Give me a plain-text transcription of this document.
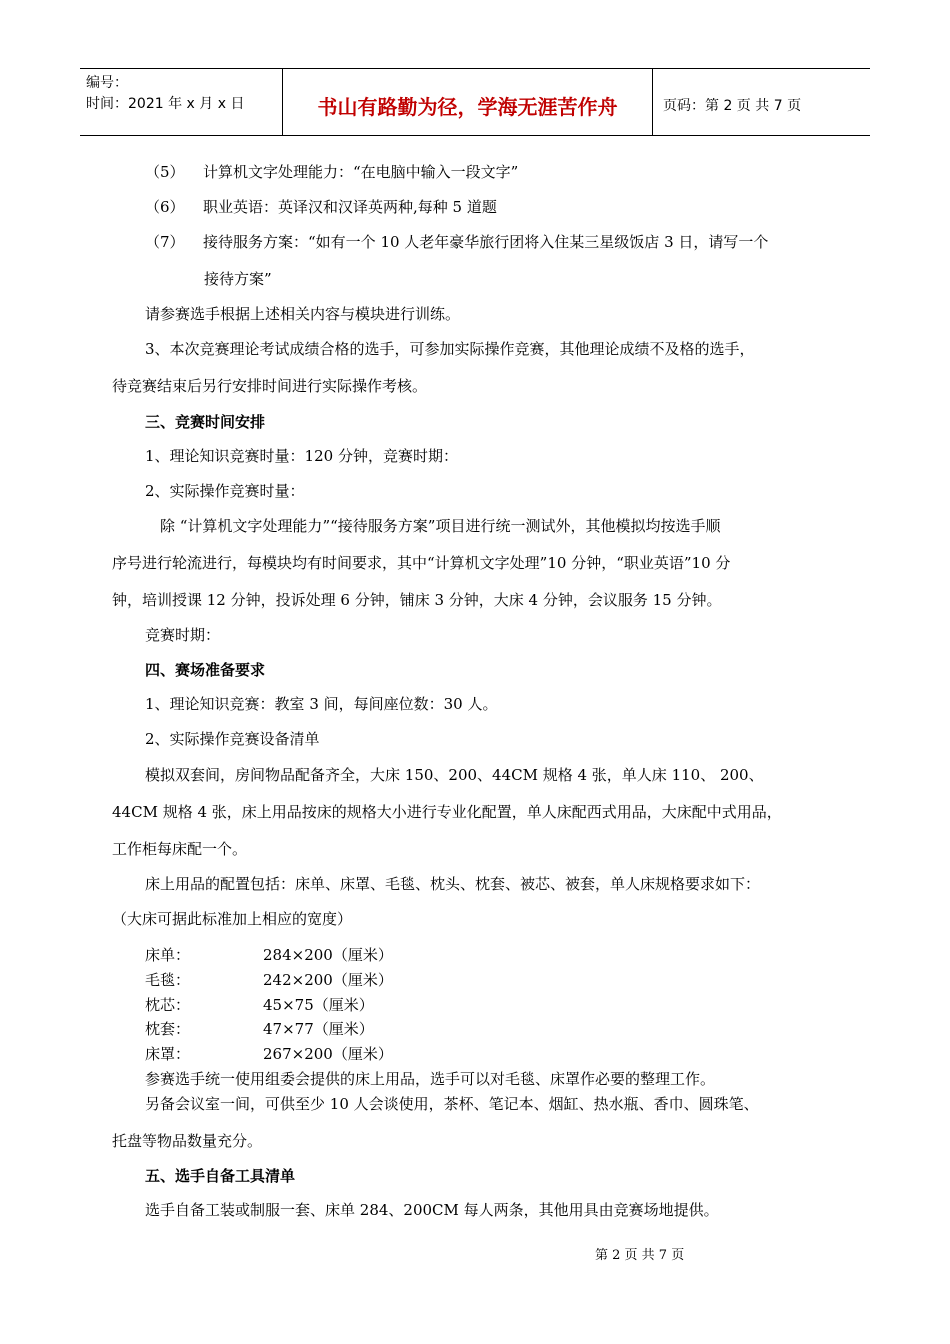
编号：
时间：2021 年 x 月 x 日	书山有路勤为径，学海无涯苦作舟	页码：第 2 页 共 7 页
（5） 计算机文字处理能力：“在电脑中输入一段文字”
（6） 职业英语：英译汉和汉译英两种,每种 5 道题
（7） 接待服务方案：“如有一个 10 人老年豪华旅行团将入住某三星级饭店 3 日，请写一个
接待方案”
请参赛选手根据上述相关内容与模块进行训练。
3、本次竞赛理论考试成绩合格的选手，可参加实际操作竞赛，其他理论成绩不及格的选手，
待竞赛结束后另行安排时间进行实际操作考核。
三、竞赛时间安排
1、理论知识竞赛时量：120 分钟，竞赛时期：
2、实际操作竞赛时量：
除 “计算机文字处理能力”“接待服务方案”项目进行统一测试外，其他模拟均按选手顺
序号进行轮流进行，每模块均有时间要求，其中“计算机文字处理”10 分钟，“职业英语”10 分
钟，培训授课 12 分钟，投诉处理 6 分钟，铺床 3 分钟，大床 4 分钟，会议服务 15 分钟。
竞赛时期：
四、赛场准备要求
1、理论知识竞赛：教室 3 间，每间座位数：30 人。
2、实际操作竞赛设备清单
模拟双套间，房间物品配备齐全，大床 150、200、44CM 规格 4 张，单人床 110、 200、
44CM 规格 4 张，床上用品按床的规格大小进行专业化配置，单人床配西式用品，大床配中式用品，
工作柜每床配一个。
床上用品的配置包括：床单、床罩、毛毯、枕头、枕套、被芯、被套，单人床规格要求如下：
（大床可据此标准加上相应的宽度）
床单：	284×200（厘米）
毛毯：	242×200（厘米）
枕芯：	45×75（厘米）
枕套：	47×77（厘米）
床罩：	267×200（厘米）
参赛选手统一使用组委会提供的床上用品，选手可以对毛毯、床罩作必要的整理工作。
另备会议室一间，可供至少 10 人会谈使用，茶杯、笔记本、烟缸、热水瓶、香巾、圆珠笔、
托盘等物品数量充分。
五、选手自备工具清单
选手自备工装或制服一套、床单 284、200CM 每人两条，其他用具由竞赛场地提供。
第 2 页 共 7 页
